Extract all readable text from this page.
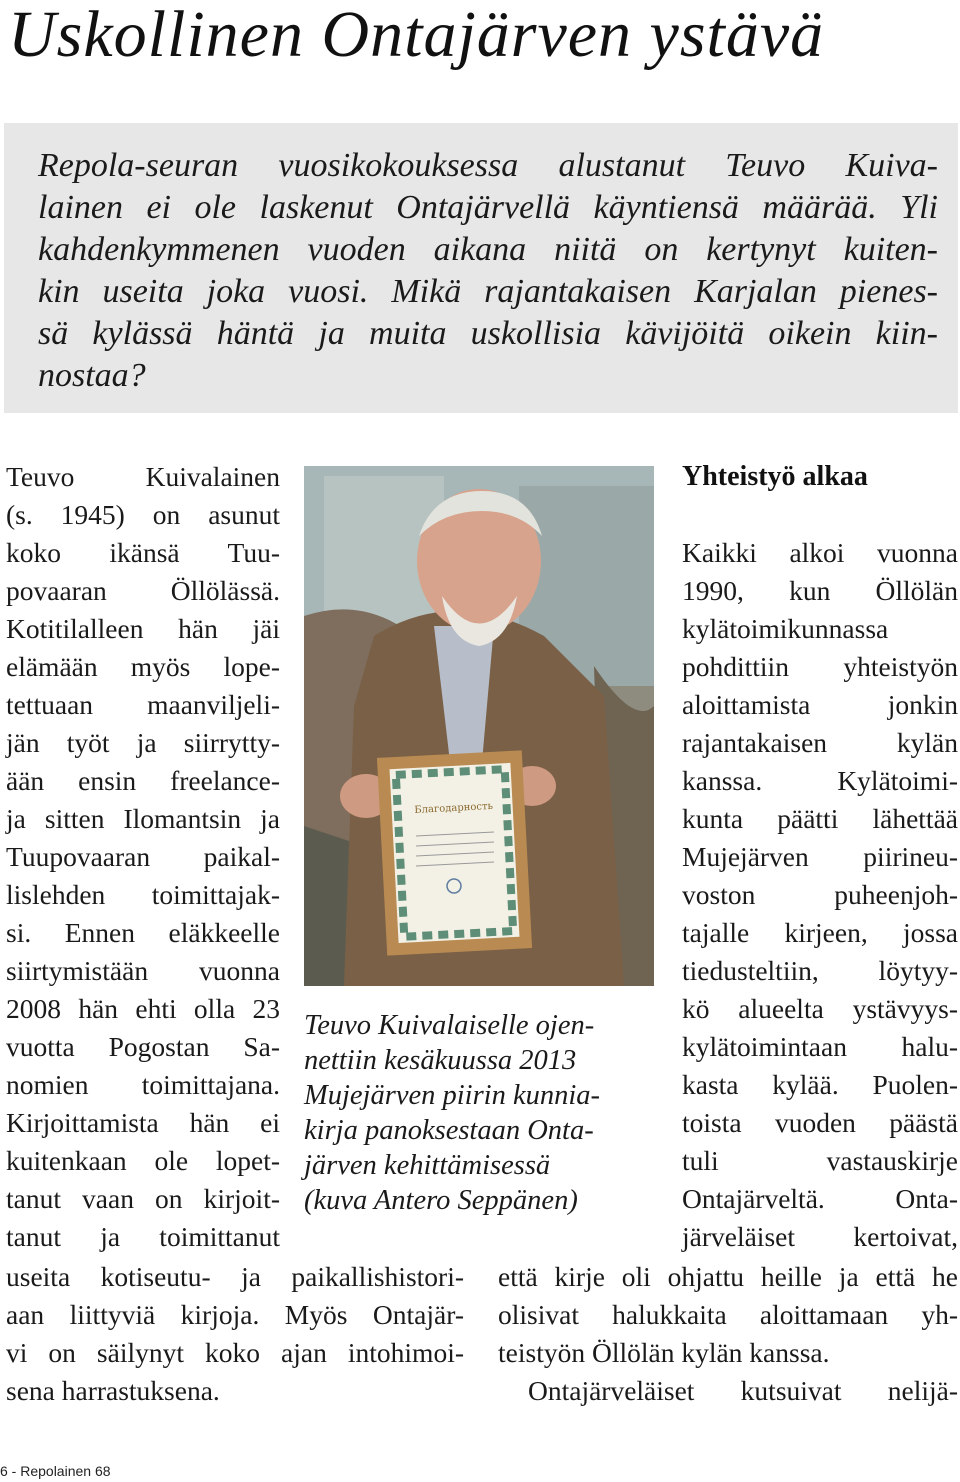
Uskollinen Ontajärven ystävä
Repola-seuran vuosikokouksessa alustanut Teuvo Kuiva-
lainen ei ole laskenut Ontajärvellä käyntiensä määrää. Yli
kahdenkymmenen vuoden aikana niitä on kertynyt kuiten-
kin useita joka vuosi. Mikä rajantakaisen Karjalan pienes-
sä kylässä häntä ja muita uskollisia kävijöitä oikein kiin-
nostaa?
Teuvo Kuivalainen
(s. 1945) on asunut
koko ikänsä Tuu-
povaaran Öllölässä.
Kotitilalleen hän jäi
elämään myös lope-
tettuaan maanviljeli-
jän työt ja siirrytty-
ään ensin freelance-
ja sitten Ilomantsin ja
Tuupovaaran paikal-
lislehden toimittajak-
si. Ennen eläkkeelle
siirtymistään vuonna
2008 hän ehti olla 23
vuotta Pogostan Sa-
nomien toimittajana.
Kirjoittamista hän ei
kuitenkaan ole lopet-
tanut vaan on kirjoit-
tanut ja toimittanut
useita kotiseutu- ja paikallishistori-
aan liittyviä kirjoja. Myös Ontajär-
vi on säilynyt koko ajan intohimoi-
sena harrastuksena.
Благодарность
Teuvo Kuivalaiselle ojen-
nettiin kesäkuussa 2013
Mujejärven piirin kunnia-
kirja panoksestaan Onta-
järven kehittämisessä
(kuva Antero Seppänen)
Yhteistyö alkaa
Kaikki alkoi vuonna
1990, kun Öllölän
kylätoimikunnassa
pohdittiin yhteistyön
aloittamista jonkin
rajantakaisen kylän
kanssa. Kylätoimi-
kunta päätti lähettää
Mujejärven piirineu-
voston puheenjoh-
tajalle kirjeen, jossa
tiedusteltiin, löytyy-
kö alueelta ystävyys-
kylätoimintaan halu-
kasta kylää. Puolen-
toista vuoden päästä
tuli vastauskirje
Ontajärveltä. Onta-
järveläiset kertoivat,
että kirje oli ohjattu heille ja että he
olisivat halukkaita aloittamaan yh-
teistyön Öllölän kylän kanssa.
Ontajärveläiset kutsuivat nelijä-
6 - Repolainen 68
